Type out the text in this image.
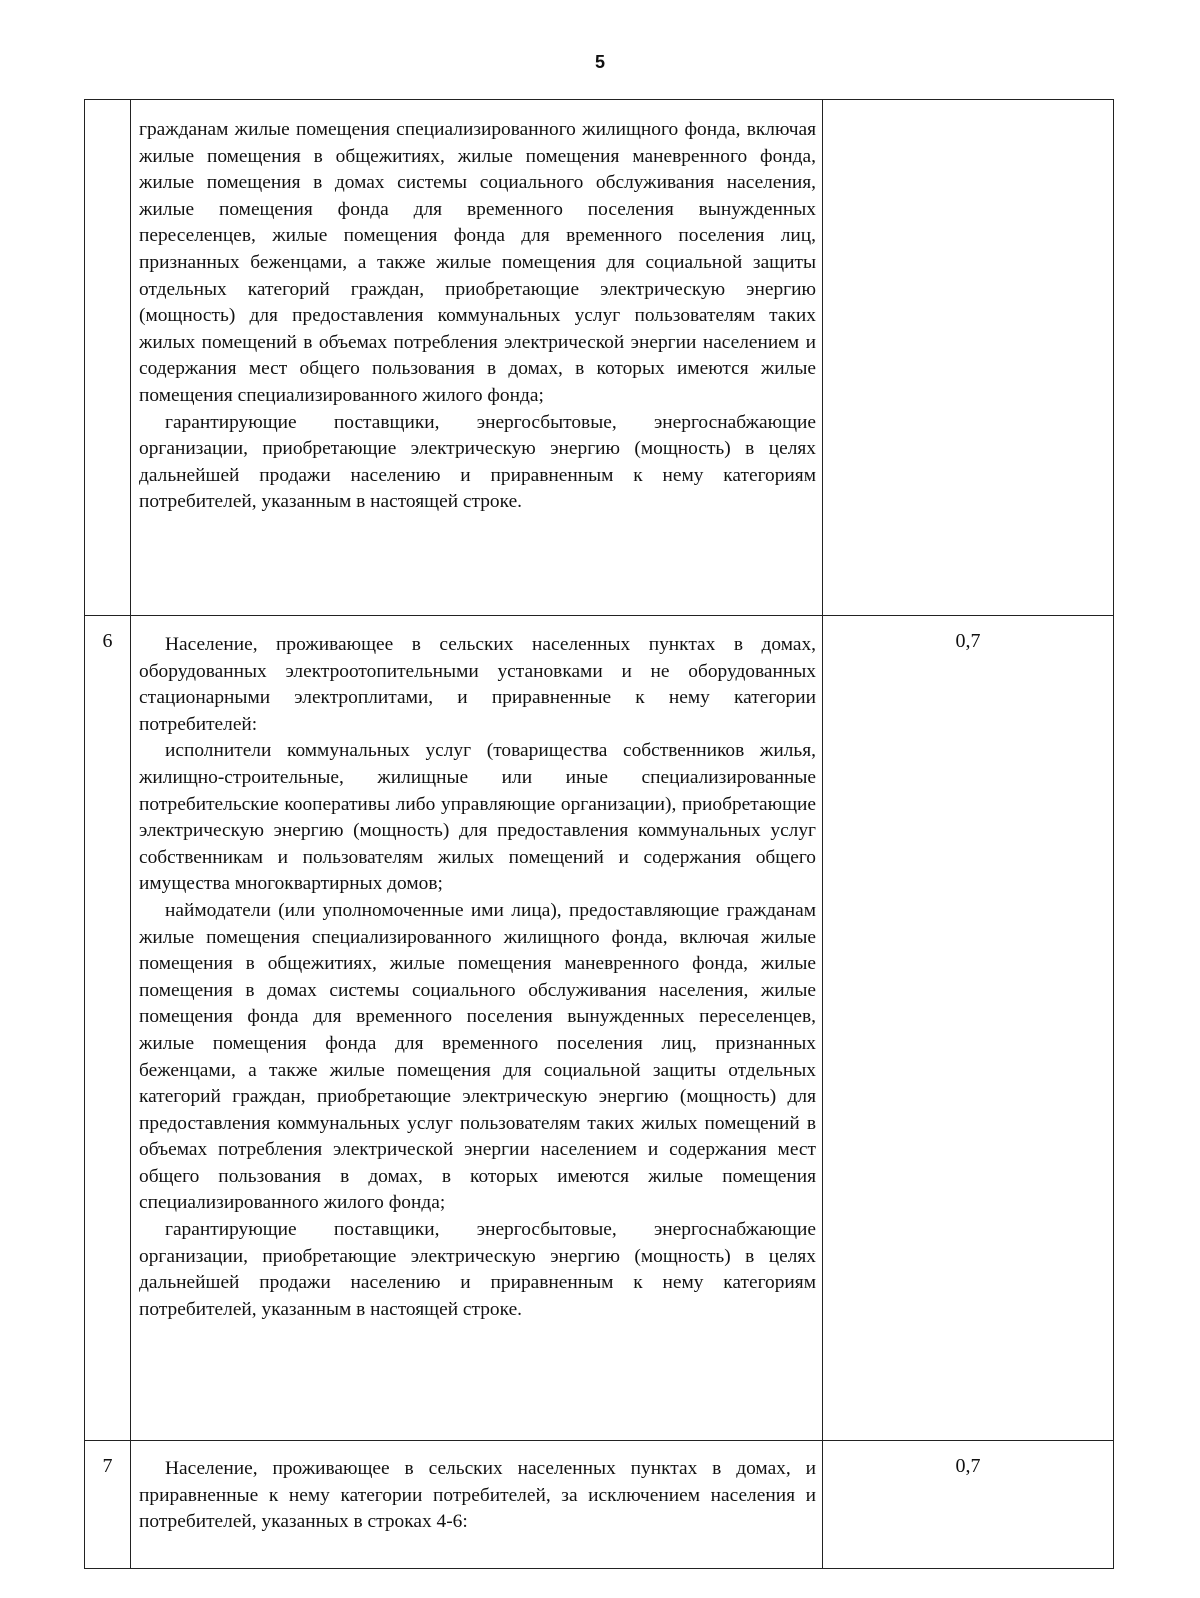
5

	гражданам жилые помещения специализированного жилищного фонда, включая жилые помещения в общежитиях, жилые помещения маневренного фонда, жилые помещения в домах системы социального обслуживания населения, жилые помещения фонда для временного поселения вынужденных переселенцев, жилые помещения фонда для временного поселения лиц, признанных беженцами, а также жилые помещения для социальной защиты отдельных категорий граждан, приобретающие электрическую энергию (мощность) для предоставления коммунальных услуг пользователям таких жилых помещений в объемах потребления электрической энергии населением и содержания мест общего пользования в домах, в которых имеются жилые помещения специализированного жилого фонда;

гарантирующие поставщики, энергосбытовые, энергоснабжающие организации, приобретающие электрическую энергию (мощность) в целях дальнейшей продажи населению и приравненным к нему категориям потребителей, указанным в настоящей строке.	

6	Население, проживающее в сельских населенных пунктах в домах, оборудованных электроотопительными установками и не оборудованных стационарными электроплитами, и приравненные к нему категории потребителей:

исполнители коммунальных услуг (товарищества собственников жилья, жилищно-строительные, жилищные или иные специализированные потребительские кооперативы либо управляющие организации), приобретающие электрическую энергию (мощность) для предоставления коммунальных услуг собственникам и пользователям жилых помещений и содержания общего имущества многоквартирных домов;

наймодатели (или уполномоченные ими лица), предоставляющие гражданам жилые помещения специализированного жилищного фонда, включая жилые помещения в общежитиях, жилые помещения маневренного фонда, жилые помещения в домах системы социального обслуживания населения, жилые помещения фонда для временного поселения вынужденных переселенцев, жилые помещения фонда для временного поселения лиц, признанных беженцами, а также жилые помещения для социальной защиты отдельных категорий граждан, приобретающие электрическую энергию (мощность) для предоставления коммунальных услуг пользователям таких жилых помещений в объемах потребления электрической энергии населением и содержания мест общего пользования в домах, в которых имеются жилые помещения специализированного жилого фонда;

гарантирующие поставщики, энергосбытовые, энергоснабжающие организации, приобретающие электрическую энергию (мощность) в целях дальнейшей продажи населению и приравненным к нему категориям потребителей, указанным в настоящей строке.	0,7
7	Население, проживающее в сельских населенных пунктах в домах, и приравненные к нему категории потребителей, за исключением населения и потребителей, указанных в строках 4-6:	0,7
